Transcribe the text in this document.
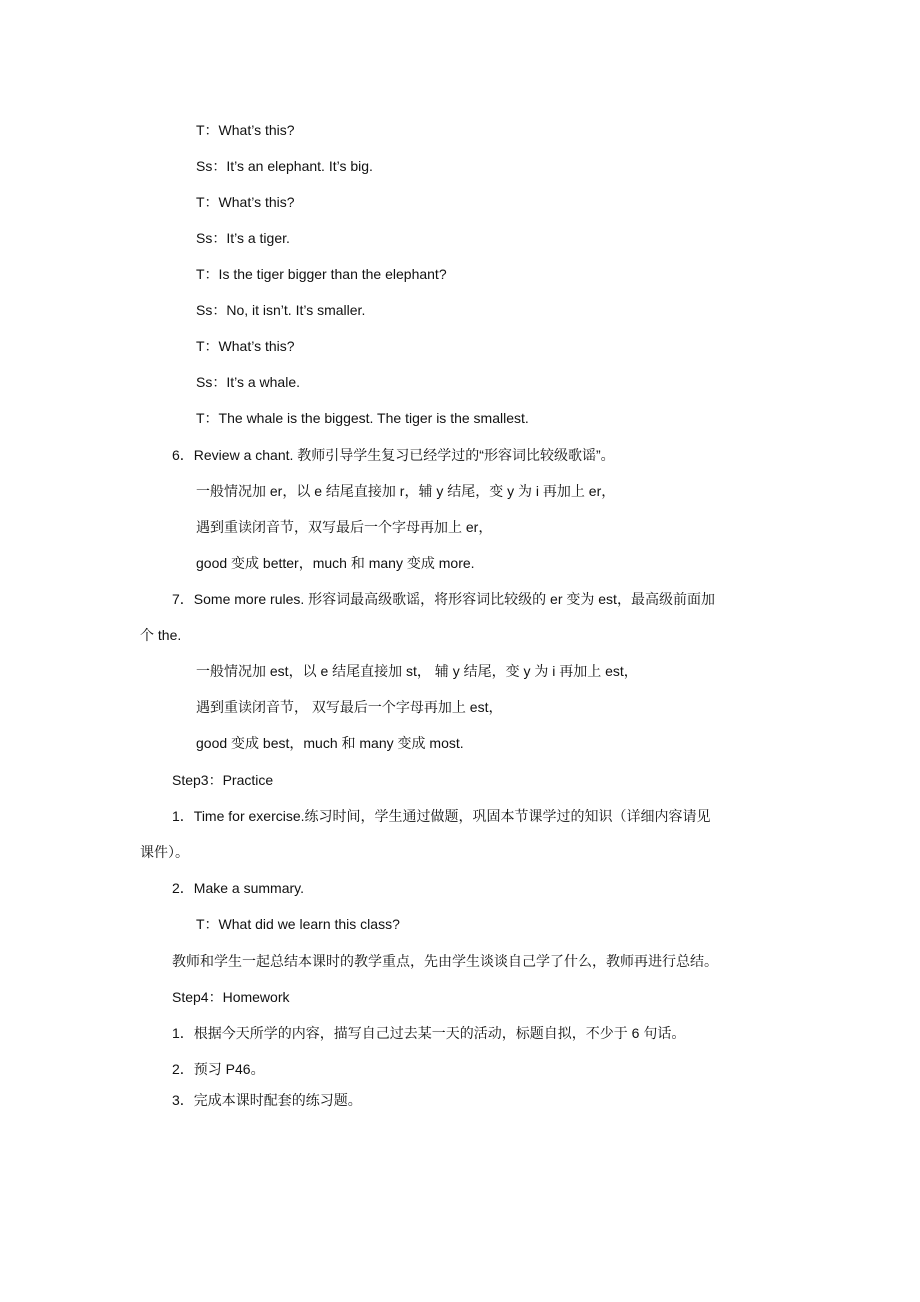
T：What’s this?

Ss：It’s an elephant. It’s big.

T：What’s this?

Ss：It’s a tiger.

T：Is the tiger bigger than the elephant?

Ss：No, it isn’t. It’s smaller.

T：What’s this?

Ss：It’s a whale.

T：The whale is the biggest. The tiger is the smallest.

6．Review a chant. 教师引导学生复习已经学过的“形容词比较级歌谣”。

一般情况加 er，以 e 结尾直接加 r，辅 y 结尾，变 y 为 i 再加上 er，

遇到重读闭音节，双写最后一个字母再加上 er，

good 变成 better，much 和 many 变成 more.

7．Some more rules. 形容词最高级歌谣，将形容词比较级的 er 变为 est，最高级前面加

个 the.

一般情况加 est，以 e 结尾直接加 st， 辅 y 结尾，变 y 为 i 再加上 est，

遇到重读闭音节， 双写最后一个字母再加上 est，

good 变成 best，much 和 many 变成 most.

Step3：Practice

1．Time for exercise.练习时间，学生通过做题，巩固本节课学过的知识（详细内容请见

课件）。

2．Make a summary.

T：What did we learn this class?

教师和学生一起总结本课时的教学重点，先由学生谈谈自己学了什么，教师再进行总结。

Step4：Homework

1．根据今天所学的内容，描写自己过去某一天的活动，标题自拟，不少于 6 句话。

2．预习 P46。

3．完成本课时配套的练习题。
